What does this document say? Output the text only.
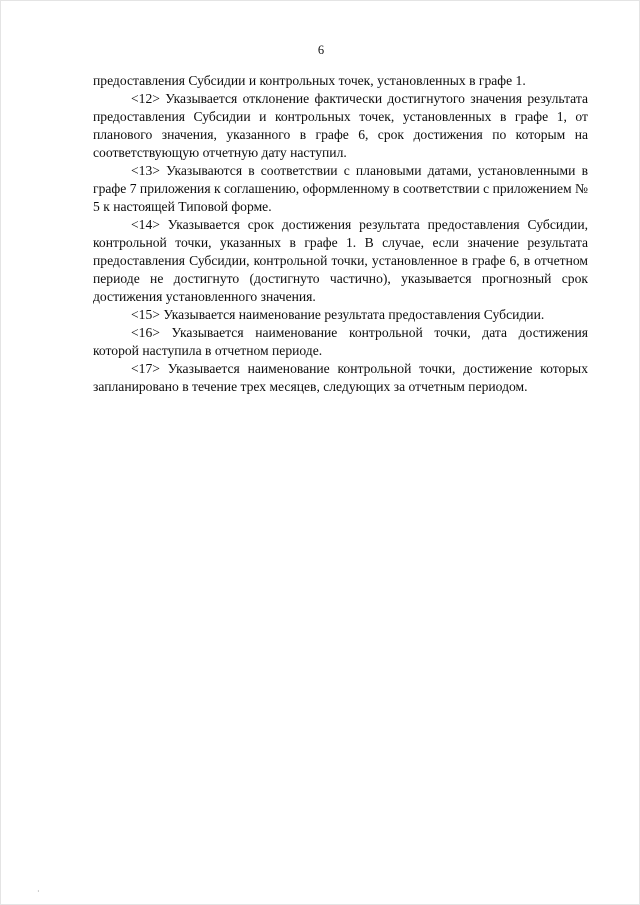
6

предоставления Субсидии и контрольных точек, установленных в графе 1.

<12> Указывается отклонение фактически достигнутого значения результата предоставления Субсидии и контрольных точек, установленных в графе 1, от планового значения, указанного в графе 6, срок достижения по которым на соответствующую отчетную дату наступил.

<13> Указываются в соответствии с плановыми датами, установленными в графе 7 приложения к соглашению, оформленному в соответствии с приложением № 5 к настоящей Типовой форме.

<14> Указывается срок достижения результата предоставления Субсидии, контрольной точки, указанных в графе 1. В случае, если значение результата предоставления Субсидии, контрольной точки, установленное в графе 6, в отчетном периоде не достигнуто (достигнуто частично), указывается прогнозный срок достижения установленного значения.

<15> Указывается наименование результата предоставления Субсидии.

<16> Указывается наименование контрольной точки, дата достижения которой наступила в отчетном периоде.

<17> Указывается наименование контрольной точки, достижение которых запланировано в течение трех месяцев, следующих за отчетным периодом.

·
